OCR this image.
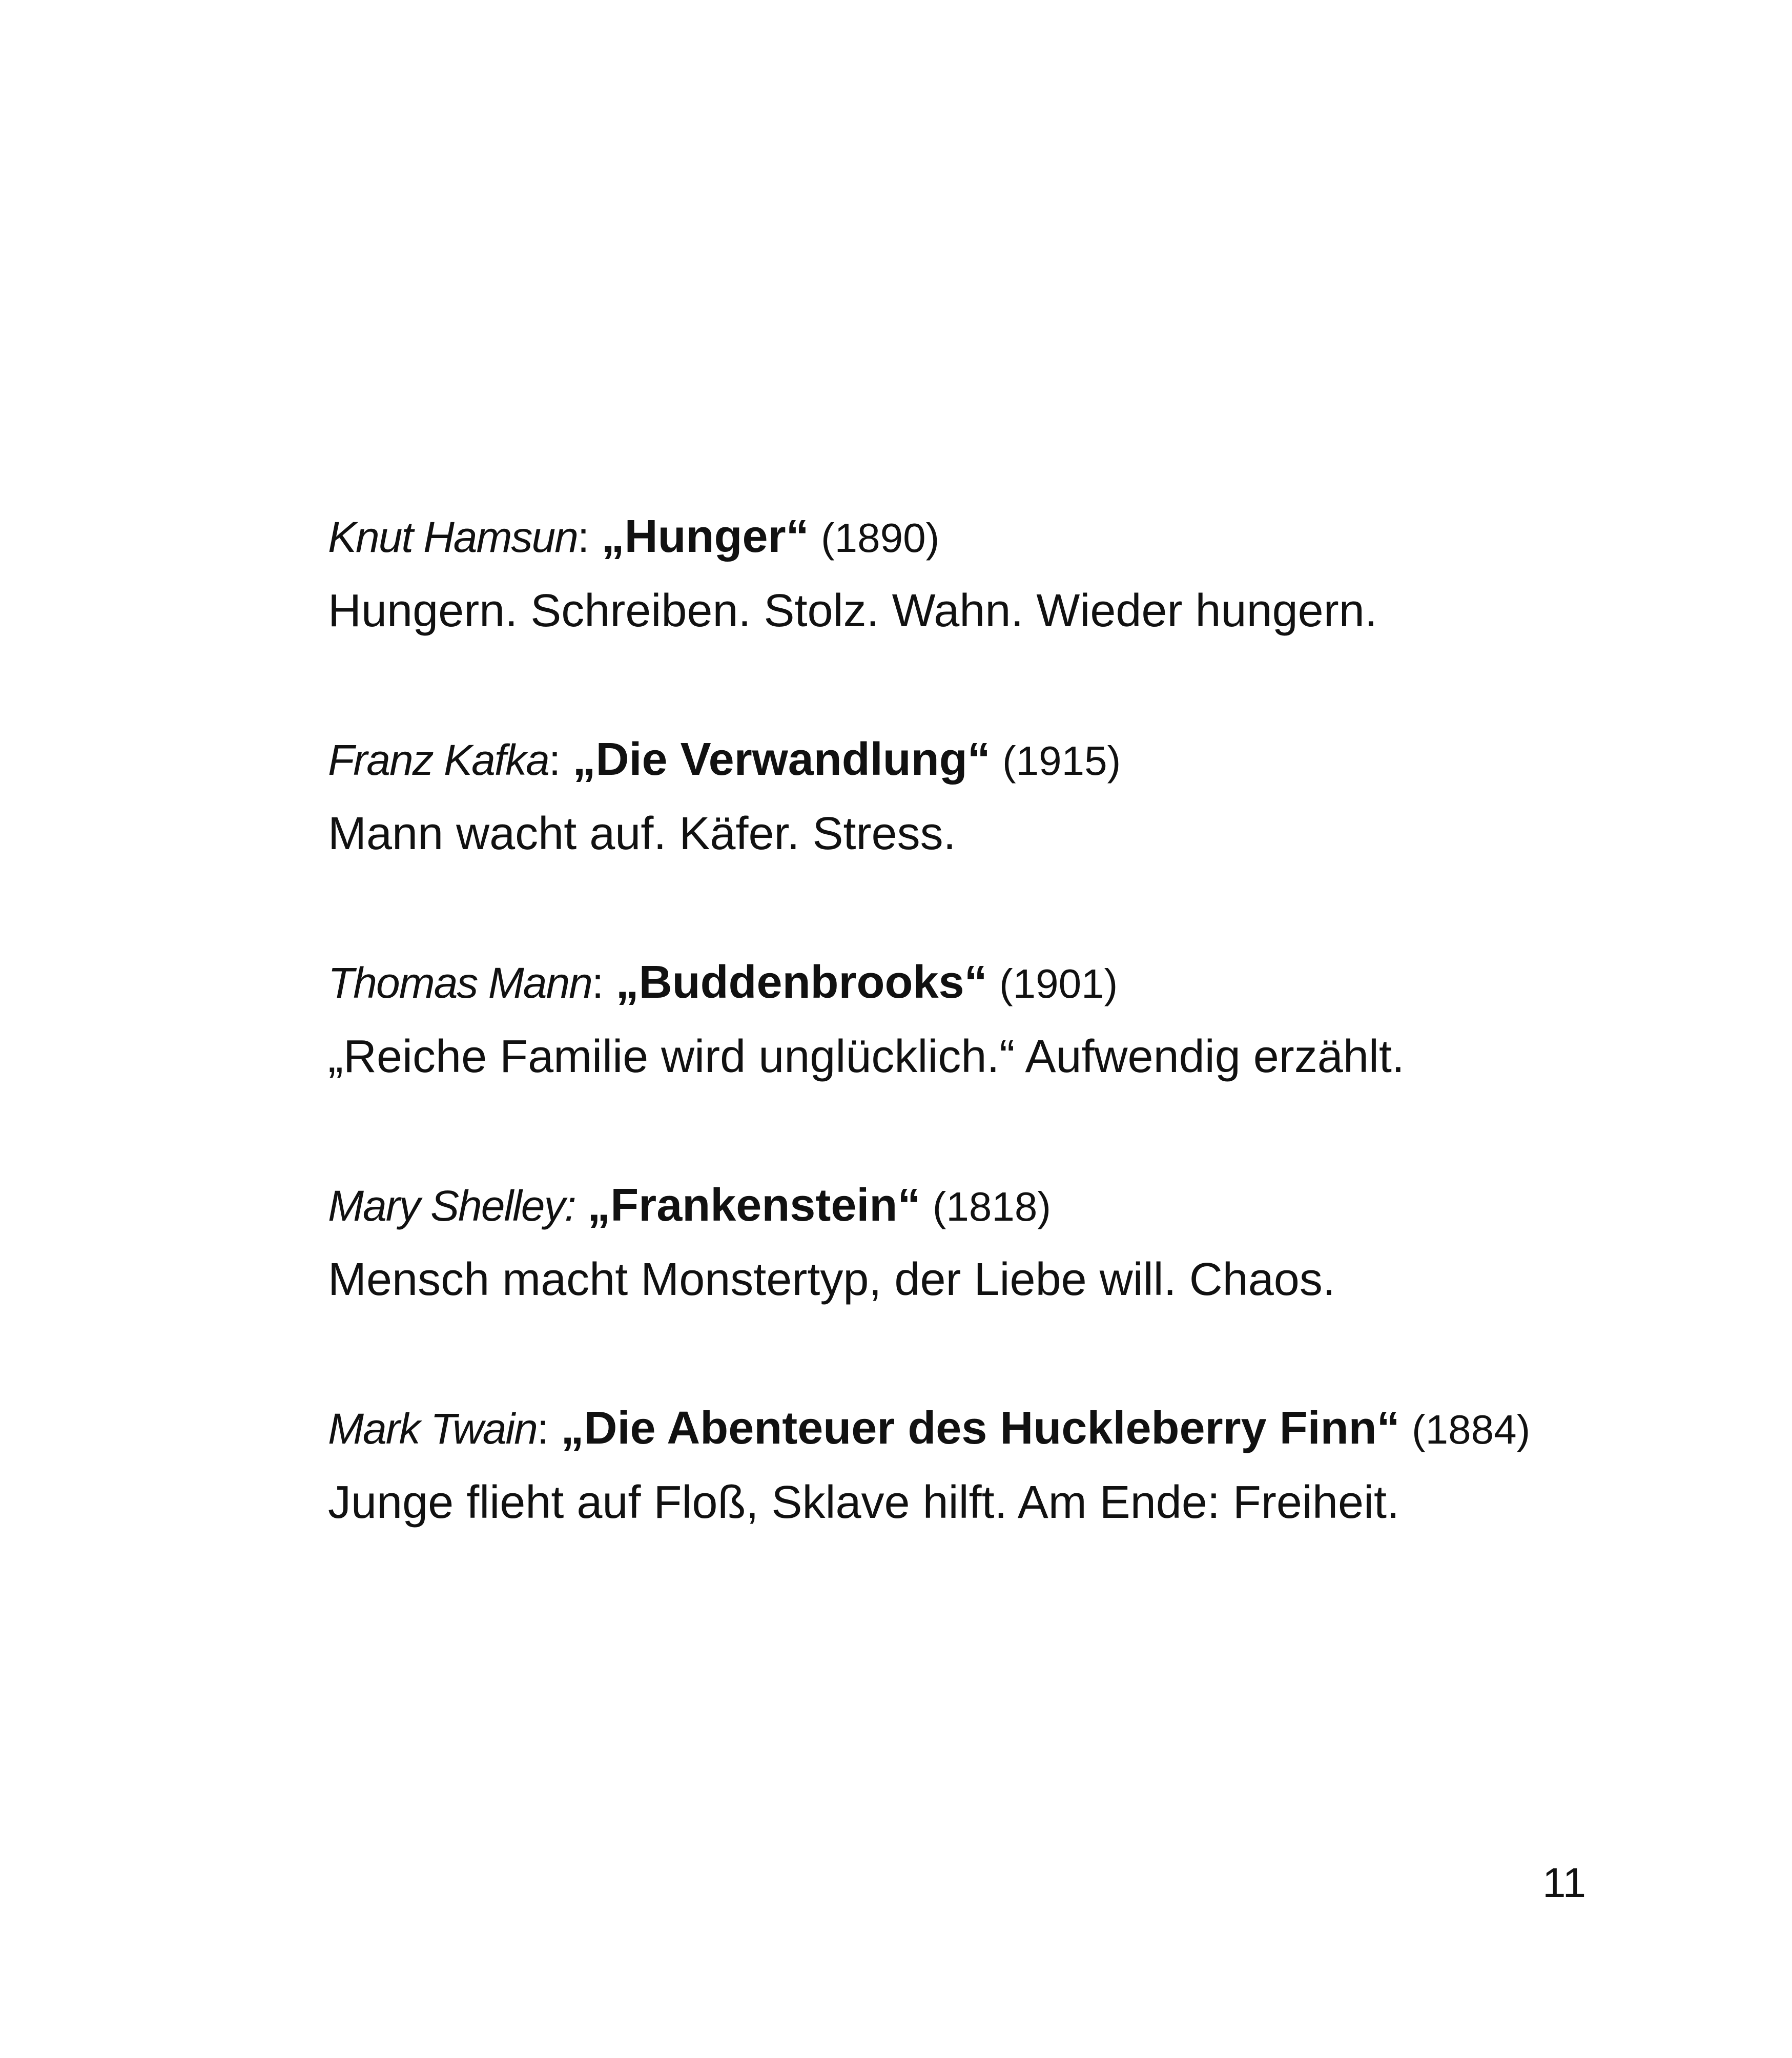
Knut Hamsun: „Hunger“ (1890)
Hungern. Schreiben. Stolz. Wahn. Wieder hungern.
Franz Kafka: „Die Verwandlung“ (1915)
Mann wacht auf. Käfer. Stress.
Thomas Mann: „Buddenbrooks“ (1901)
„Reiche Familie wird unglücklich.“ Aufwendig erzählt.
Mary Shelley: „Frankenstein“ (1818)
Mensch macht Monstertyp, der Liebe will. Chaos.
Mark Twain: „Die Abenteuer des Huckleberry Finn“ (1884)
Junge flieht auf Floß, Sklave hilft. Am Ende: Freiheit.
11
